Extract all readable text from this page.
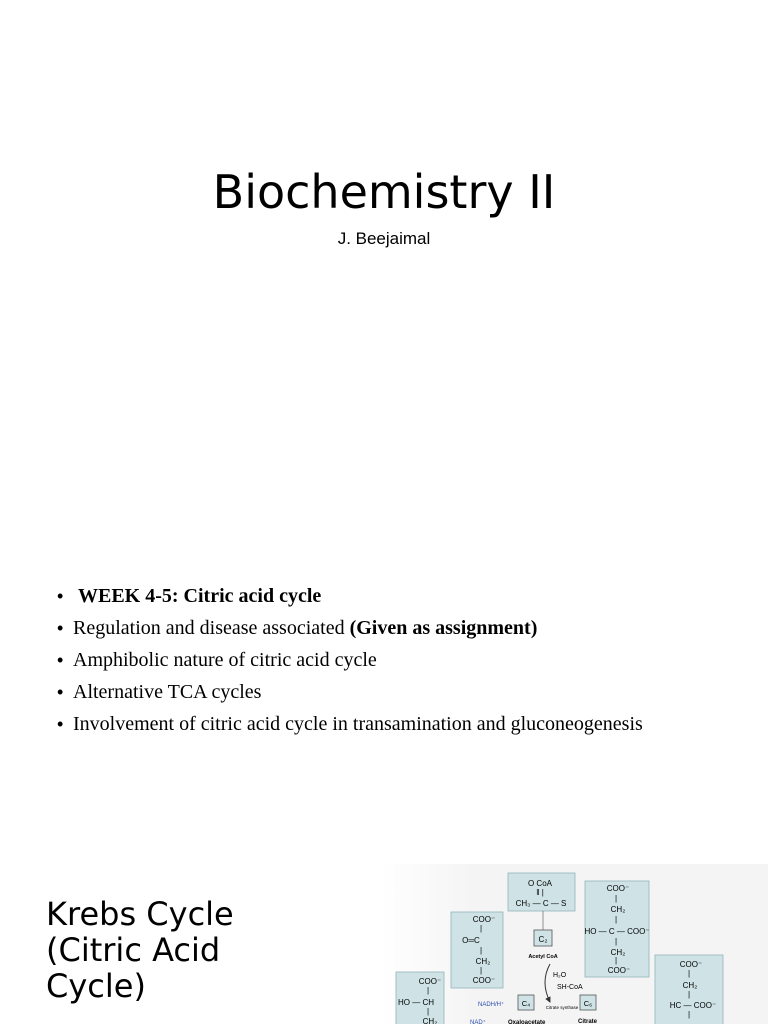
Biochemistry II
J. Beejaimal
• WEEK 4-5: Citric acid cycle
• Regulation and disease associated (Given as assignment)
• Amphibolic nature of citric acid cycle
• Alternative TCA cycles
• Involvement of citric acid cycle in transamination and gluconeogenesis
Krebs Cycle
(Citric Acid
Cycle)
O CoA
‖ |
CH₃ — C — S
C₂
Acetyl CoA
COO⁻
|
O═C
|
CH₂
|
COO⁻
COO⁻
|
CH₂
|
HO — C — COO⁻
|
CH₂
|
COO⁻
COO⁻
|
HO — CH
|
CH₂
COO⁻
|
CH₂
|
HC — COO⁻
|
H₂O
SH-CoA
Citrate synthase
C₄	C₆
NADH/H⁺
NAD⁺	Oxaloacetate	Citrate
